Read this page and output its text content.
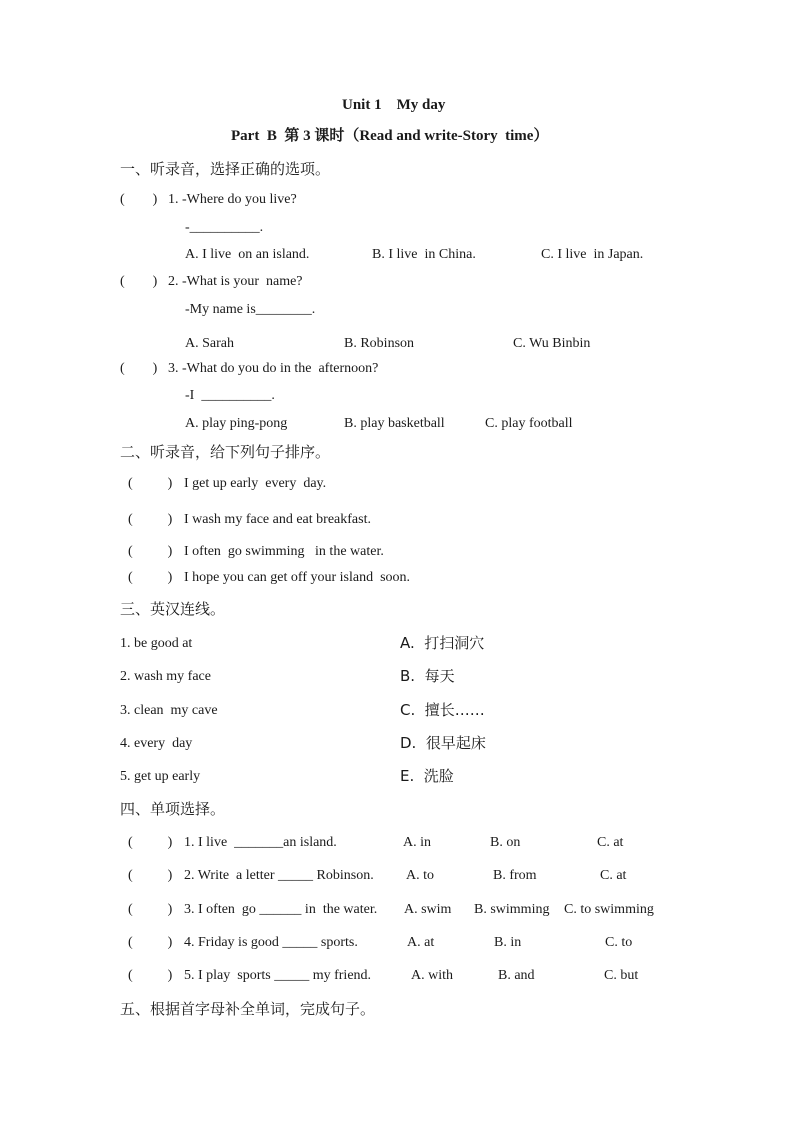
Unit 1    My day
Part  B  第 3 课时（Read and write-Story  time）
一、听录音，选择正确的选项。
(        ) 1. -Where do you live?
-__________.
A. I live  on an island.	B. I live  in China.	C. I live  in Japan.
(        ) 2. -What is your  name?
-My name is________.
A. Sarah	B. Robinson	C. Wu Binbin
(        ) 3. -What do you do in the  afternoon?
-I  __________.
A. play ping-pong	B. play basketball	C. play football
二、听录音，给下列句子排序。
(          ) I get up early  every  day.
(          ) I wash my face and eat breakfast.
(          ) I often  go swimming   in the water.
(          ) I hope you can get off your island  soon.
三、英汉连线。
1. be good at	A.  打扫洞穴
2. wash my face	B.  每天
3. clean  my cave	C.  擅长……
4. every  day	D.  很早起床
5. get up early	E.  洗脸
四、单项选择。
(          ) 1. I live  _______an island.	A. in	B. on	C. at
(          ) 2. Write  a letter _____ Robinson. A. to	B. from	C. at
(          ) 3. I often  go ______ in  the water. A. swim B. swimming C. to swimming
(          ) 4. Friday is good _____ sports.	A. at	B. in	C. to
(          ) 5. I play  sports _____ my friend.	A. with	B. and	C. but
五、根据首字母补全单词，完成句子。
